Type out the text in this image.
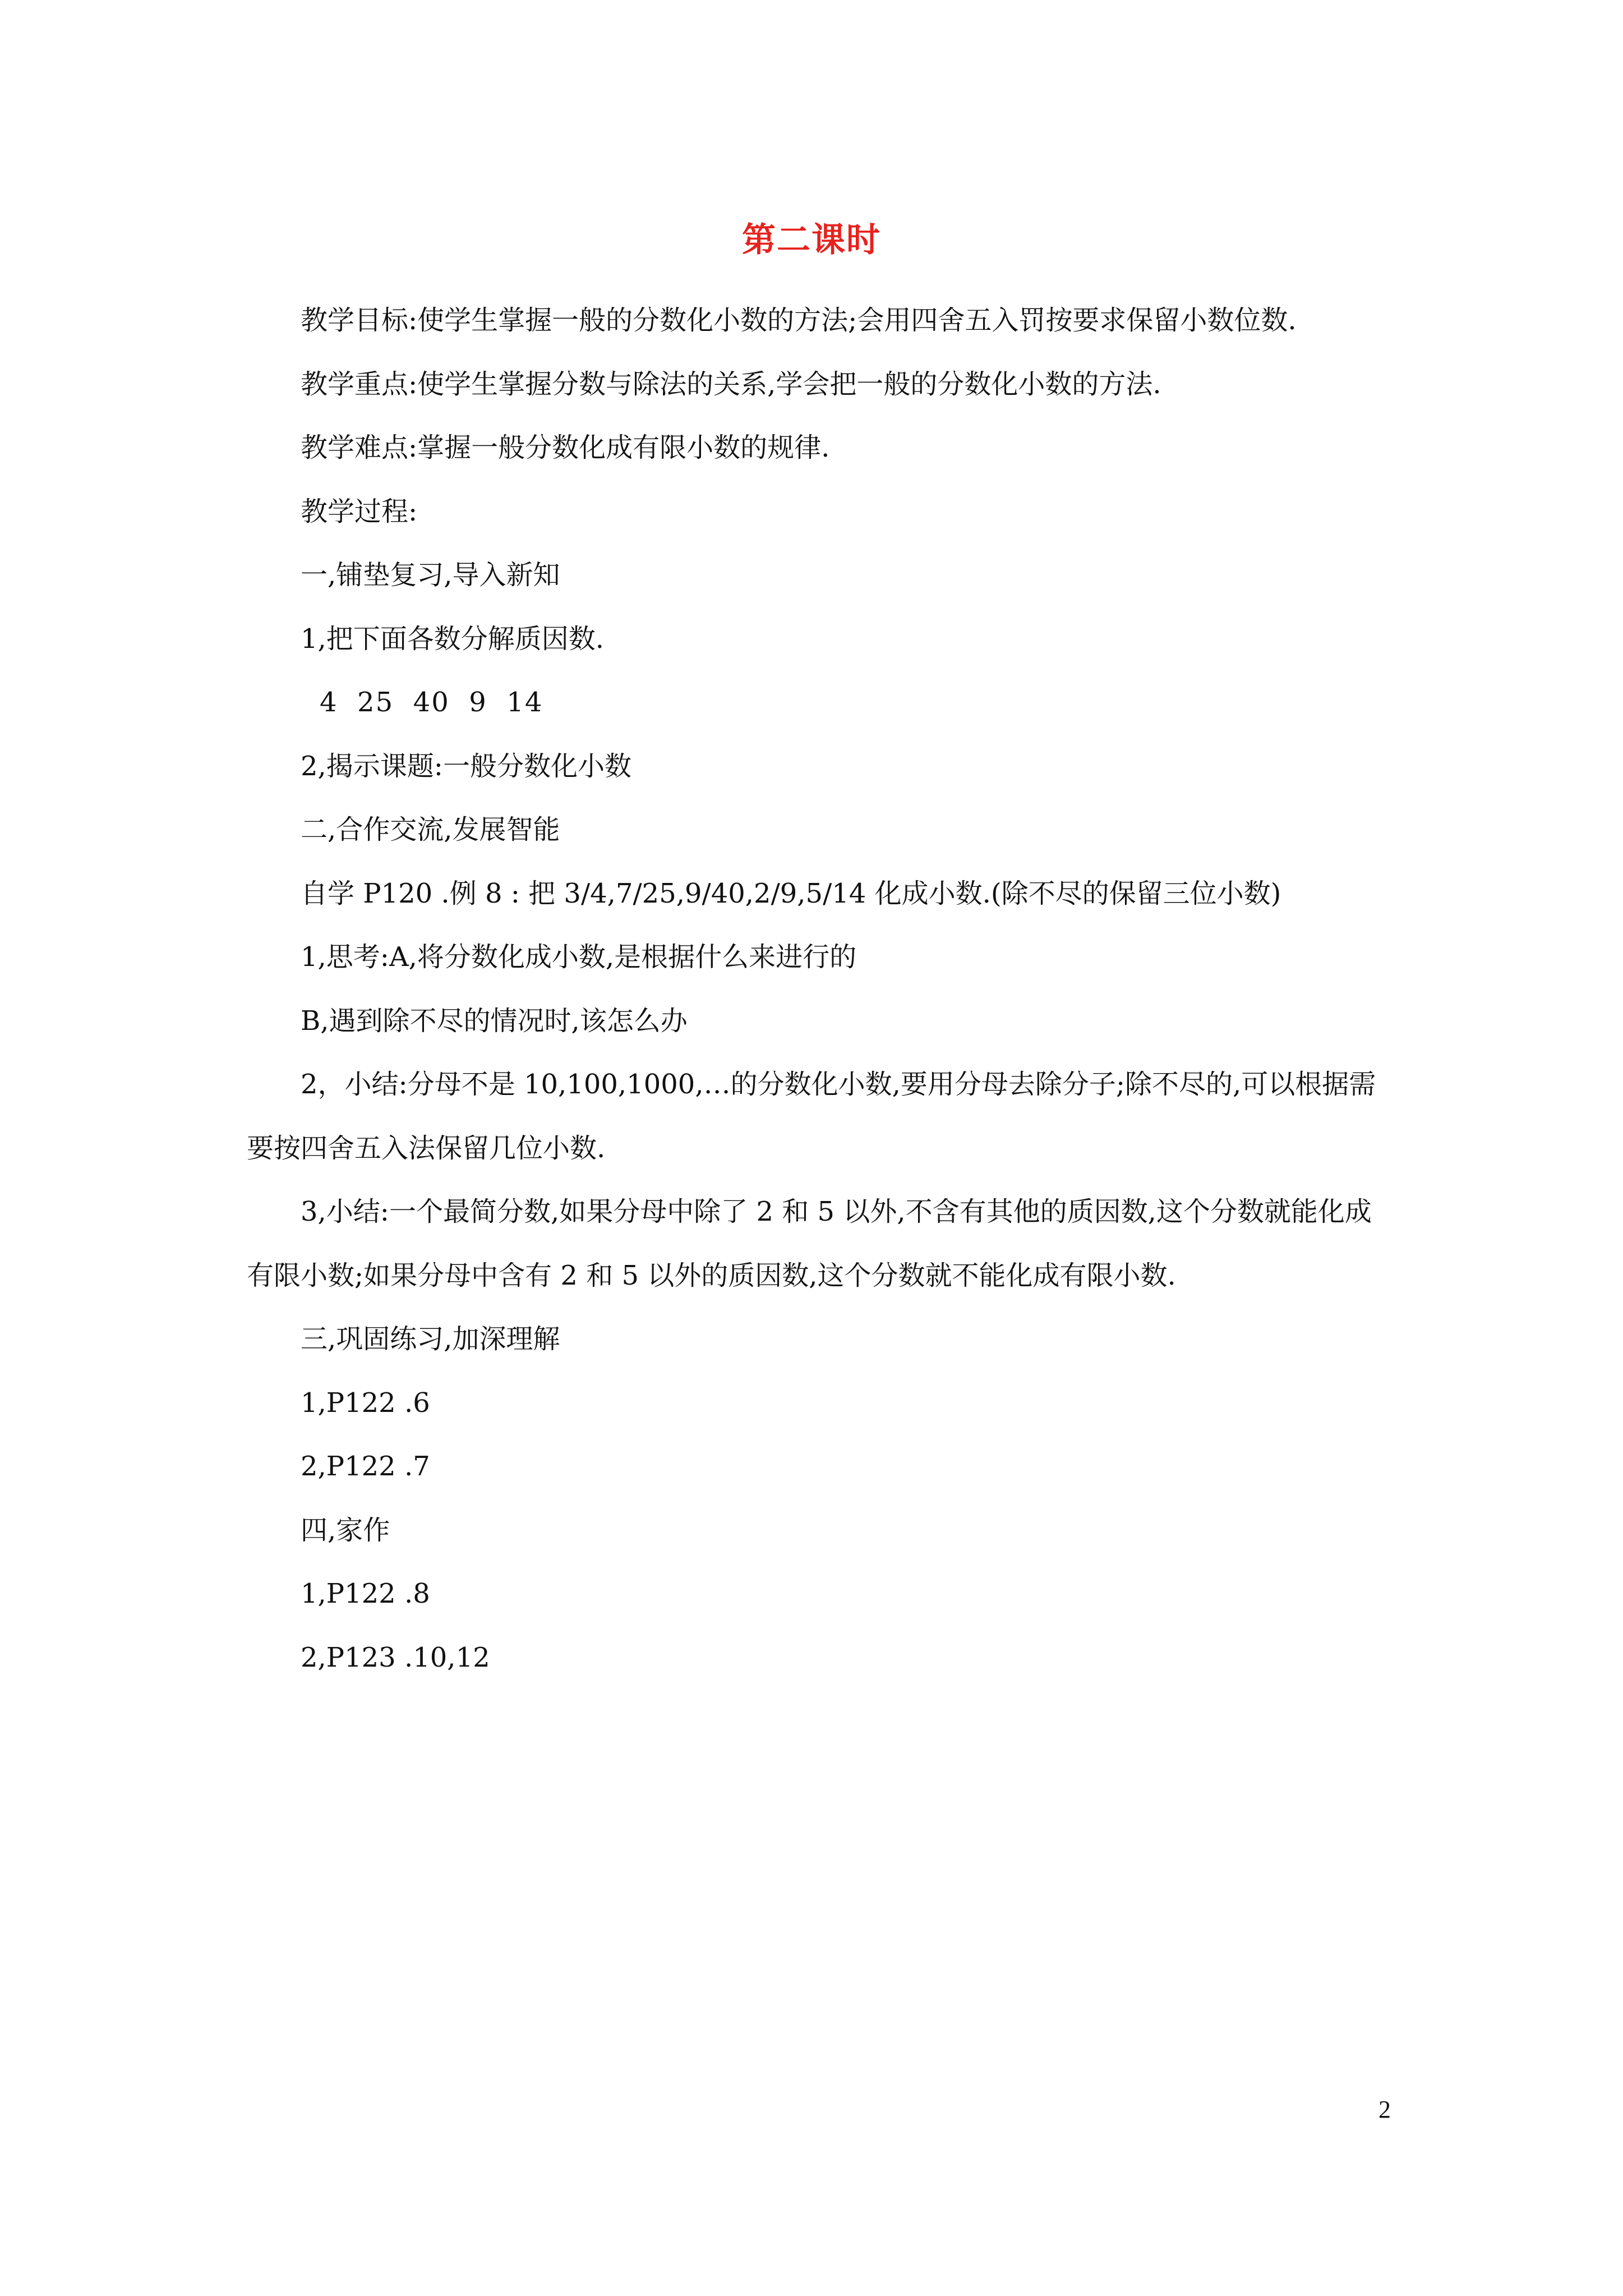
第二课时

教学目标:使学生掌握一般的分数化小数的方法;会用四舍五入罚按要求保留小数位数.

教学重点:使学生掌握分数与除法的关系,学会把一般的分数化小数的方法.

教学难点:掌握一般分数化成有限小数的规律.

教学过程:

一,铺垫复习,导入新知

1,把下面各数分解质因数.

4  25  40  9  14

2,揭示课题:一般分数化小数

二,合作交流,发展智能

自学 P120 .例 8 : 把 3/4,7/25,9/40,2/9,5/14 化成小数.(除不尽的保留三位小数)

1,思考:A,将分数化成小数,是根据什么来进行的

B,遇到除不尽的情况时,该怎么办

2，小结:分母不是 10,100,1000,…的分数化小数,要用分母去除分子;除不尽的,可以根据需要按四舍五入法保留几位小数.

3,小结:一个最简分数,如果分母中除了 2 和 5 以外,不含有其他的质因数,这个分数就能化成有限小数;如果分母中含有 2 和 5 以外的质因数,这个分数就不能化成有限小数.

三,巩固练习,加深理解

1,P122 .6

2,P122 .7

四,家作

1,P122 .8

2,P123 .10,12

2
